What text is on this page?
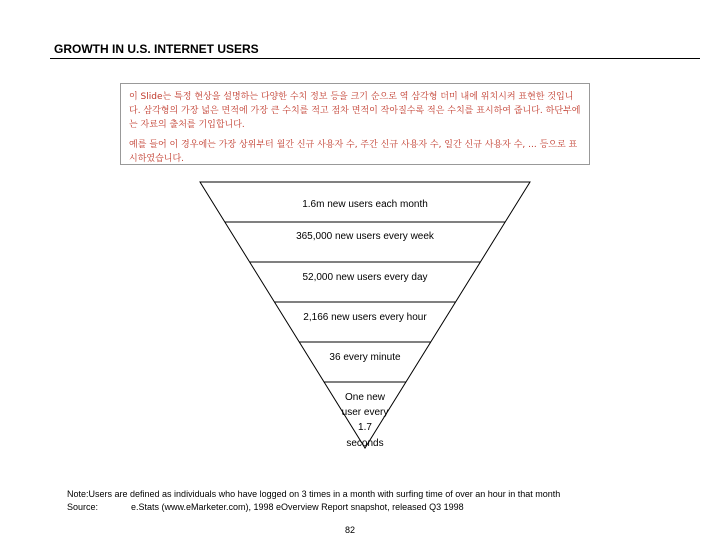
GROWTH IN U.S. INTERNET USERS

이 Slide는 특정 현상을 설명하는 다양한 수치 정보 등을 크기 순으로 역 삼각형 더미 내에 위치시켜 표현한 것입니다. 삼각형의 가장 넓은 면적에 가장 큰 수치를 적고 점차 면적이 작아질수록 적은 수치를 표시하여 줍니다. 하단부에는 자료의 출처를 기입합니다.

예를 들어 이 경우에는 가장 상위부터 월간 신규 사용자 수, 주간 신규 사용자 수, 일간 신규 사용자 수, ... 등으로 표시하였습니다.

1.6m new users each month
365,000 new users every week
52,000 new users every day
2,166 new users every hour
36 every minute
One new
user every
1.7
seconds
Note:Users are defined as individuals who have logged on 3 times in a month with surfing time of over an hour in that month
Source:	e.Stats (www.eMarketer.com), 1998 eOverview Report snapshot, released Q3 1998
82
